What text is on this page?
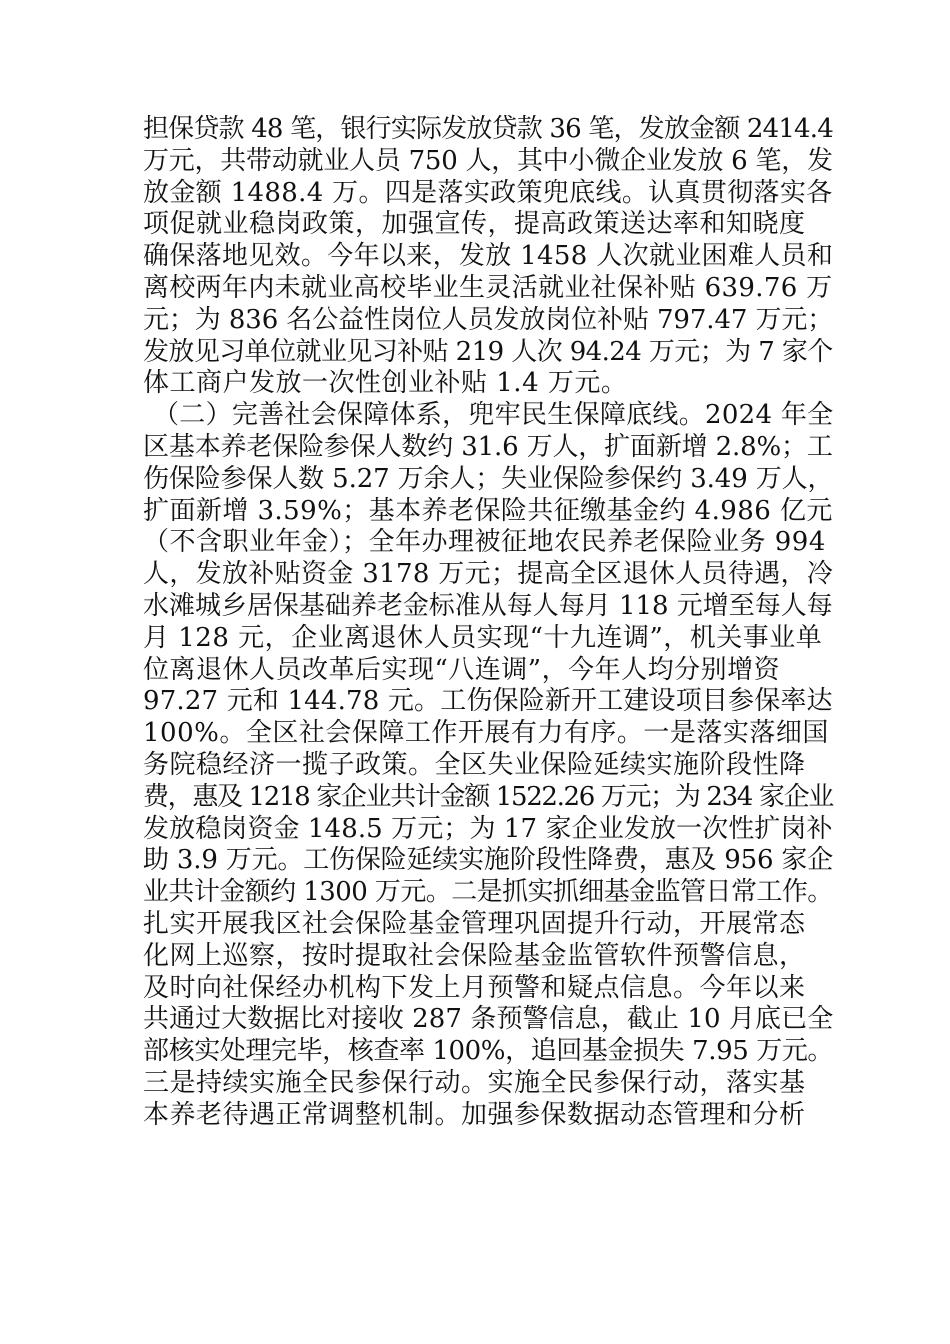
担保贷款 48 笔，银行实际发放贷款 36 笔，发放金额 2414.4
万元，共带动就业人员 750 人，其中小微企业发放 6 笔，发
放金额 1488.4 万。四是落实政策兜底线。认真贯彻落实各
项促就业稳岗政策，加强宣传，提高政策送达率和知晓度
确保落地见效。今年以来，发放 1458 人次就业困难人员和
离校两年内未就业高校毕业生灵活就业社保补贴 639.76 万
元；为 836 名公益性岗位人员发放岗位补贴 797.47 万元；
发放见习单位就业见习补贴 219 人次 94.24 万元；为 7 家个
体工商户发放一次性创业补贴 1.4 万元。
（二）完善社会保障体系，兜牢民生保障底线。2024 年全
区基本养老保险参保人数约 31.6 万人，扩面新增 2.8%；工
伤保险参保人数 5.27 万余人；失业保险参保约 3.49 万人，
扩面新增 3.59%；基本养老保险共征缴基金约 4.986 亿元
（不含职业年金）；全年办理被征地农民养老保险业务 994
人，发放补贴资金 3178 万元；提高全区退休人员待遇，冷
水滩城乡居保基础养老金标准从每人每月 118 元增至每人每
月 128 元，企业离退休人员实现“十九连调”，机关事业单
位离退休人员改革后实现“八连调”，今年人均分别增资
97.27 元和 144.78 元。工伤保险新开工建设项目参保率达
100%。全区社会保障工作开展有力有序。一是落实落细国
务院稳经济一揽子政策。全区失业保险延续实施阶段性降
费，惠及 1218 家企业共计金额 1522.26 万元；为 234 家企业
发放稳岗资金 148.5 万元；为 17 家企业发放一次性扩岗补
助 3.9 万元。工伤保险延续实施阶段性降费，惠及 956 家企
业共计金额约 1300 万元。二是抓实抓细基金监管日常工作。
扎实开展我区社会保险基金管理巩固提升行动，开展常态
化网上巡察，按时提取社会保险基金监管软件预警信息，
及时向社保经办机构下发上月预警和疑点信息。今年以来
共通过大数据比对接收 287 条预警信息，截止 10 月底已全
部核实处理完毕，核查率 100%，追回基金损失 7.95 万元。
三是持续实施全民参保行动。实施全民参保行动，落实基
本养老待遇正常调整机制。加强参保数据动态管理和分析
